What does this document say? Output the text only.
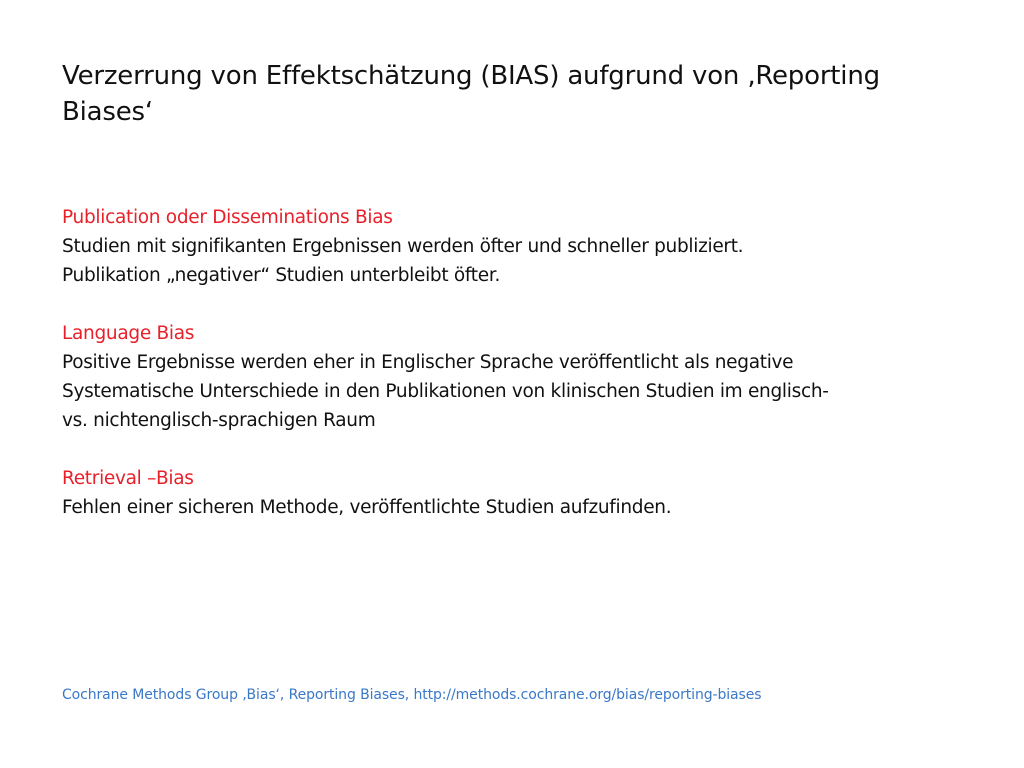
Verzerrung von Effektschätzung (BIAS) aufgrund von ‚Reporting Biases‘
Publication oder Disseminations Bias
Studien mit signifikanten Ergebnissen werden öfter und schneller publiziert.
Publikation „negativer“ Studien unterbleibt öfter.
Language Bias
Positive Ergebnisse werden eher in Englischer Sprache veröffentlicht als negative
Systematische Unterschiede in den Publikationen von klinischen Studien im englisch-
vs. nichtenglisch-sprachigen Raum
Retrieval –Bias
Fehlen einer sicheren Methode, veröffentlichte Studien aufzufinden.
Cochrane Methods Group ‚Bias‘, Reporting Biases, http://methods.cochrane.org/bias/reporting-biases
